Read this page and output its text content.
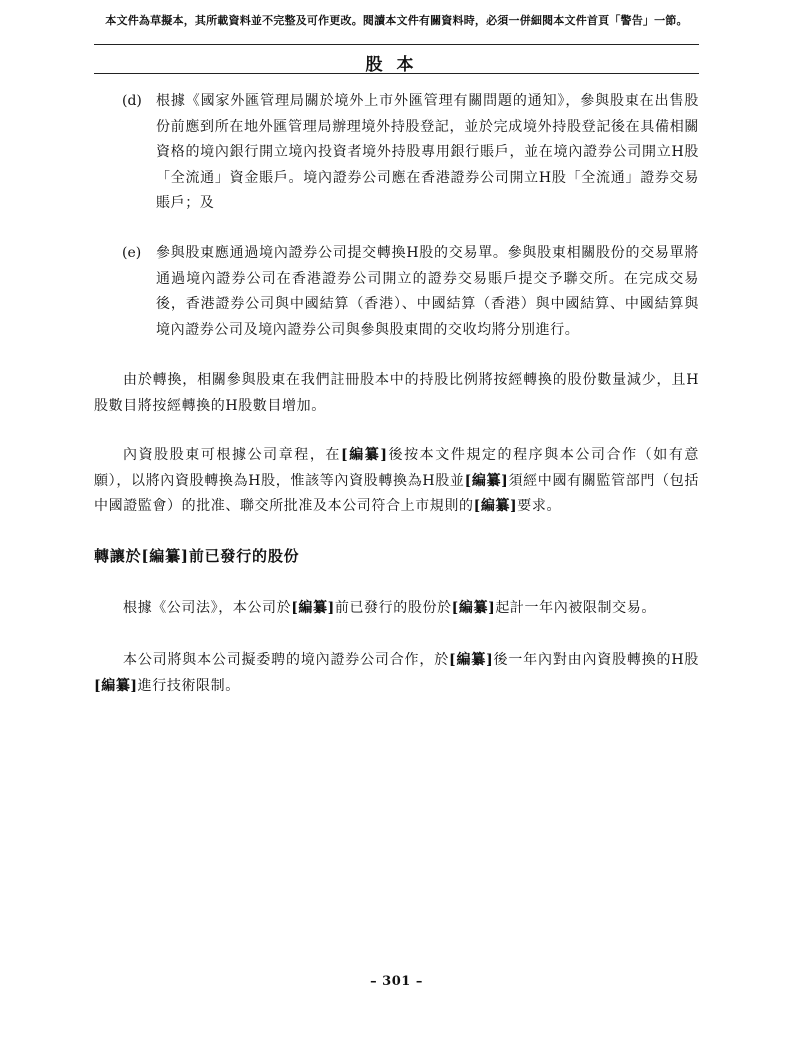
本文件為草擬本，其所載資料並不完整及可作更改。閱讀本文件有關資料時，必須一併細閱本文件首頁「警告」一節。
股本
(d)	根據《國家外匯管理局關於境外上市外匯管理有關問題的通知》，參與股東在出售股份前應到所在地外匯管理局辦理境外持股登記，並於完成境外持股登記後在具備相關資格的境內銀行開立境內投資者境外持股專用銀行賬戶，並在境內證券公司開立H股「全流通」資金賬戶。境內證券公司應在香港證券公司開立H股「全流通」證券交易賬戶；及
(e)	參與股東應通過境內證券公司提交轉換H股的交易單。參與股東相關股份的交易單將通過境內證券公司在香港證券公司開立的證券交易賬戶提交予聯交所。在完成交易後，香港證券公司與中國結算（香港）、中國結算（香港）與中國結算、中國結算與境內證券公司及境內證券公司與參與股東間的交收均將分別進行。
由於轉換，相關參與股東在我們註冊股本中的持股比例將按經轉換的股份數量減少，且H股數目將按經轉換的H股數目增加。
內資股股東可根據公司章程，在[編纂]後按本文件規定的程序與本公司合作（如有意願），以將內資股轉換為H股，惟該等內資股轉換為H股並[編纂]須經中國有關監管部門（包括中國證監會）的批准、聯交所批准及本公司符合上市規則的[編纂]要求。
轉讓於[編纂]前已發行的股份
根據《公司法》，本公司於[編纂]前已發行的股份於[編纂]起計一年內被限制交易。
本公司將與本公司擬委聘的境內證券公司合作，於[編纂]後一年內對由內資股轉換的H股[編纂]進行技術限制。
– 301 –
